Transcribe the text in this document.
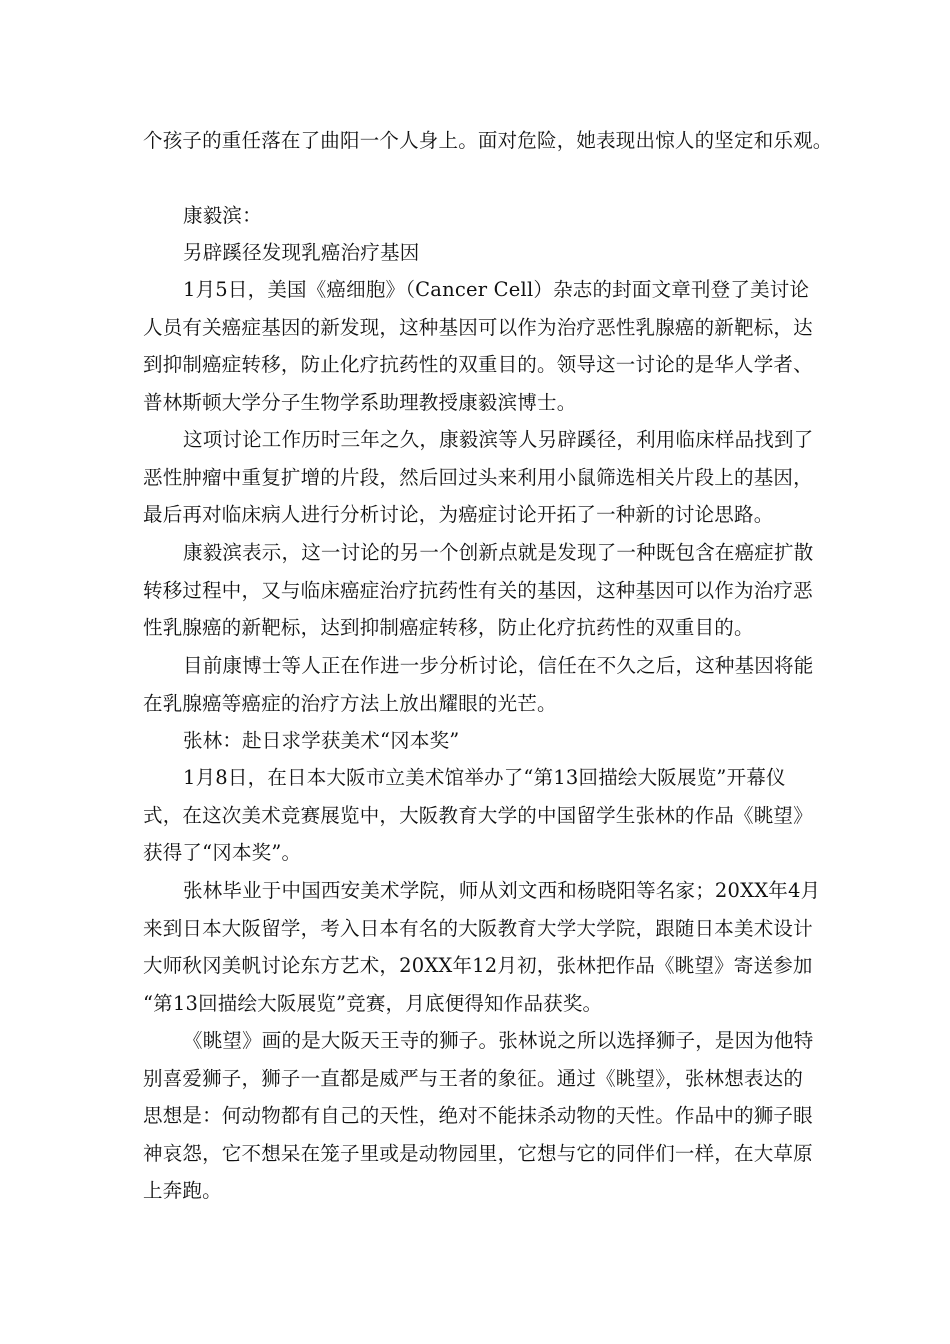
个孩子的重任落在了曲阳一个人身上。面对危险，她表现出惊人的坚定和乐观。

康毅滨：

另辟蹊径发现乳癌治疗基因

1月5日，美国《癌细胞》（Cancer Cell）杂志的封面文章刊登了美讨论
人员有关癌症基因的新发现，这种基因可以作为治疗恶性乳腺癌的新靶标，达
到抑制癌症转移，防止化疗抗药性的双重目的。领导这一讨论的是华人学者、
普林斯顿大学分子生物学系助理教授康毅滨博士。

这项讨论工作历时三年之久，康毅滨等人另辟蹊径，利用临床样品找到了
恶性肿瘤中重复扩增的片段，然后回过头来利用小鼠筛选相关片段上的基因，
最后再对临床病人进行分析讨论，为癌症讨论开拓了一种新的讨论思路。

康毅滨表示，这一讨论的另一个创新点就是发现了一种既包含在癌症扩散
转移过程中，又与临床癌症治疗抗药性有关的基因，这种基因可以作为治疗恶
性乳腺癌的新靶标，达到抑制癌症转移，防止化疗抗药性的双重目的。

目前康博士等人正在作进一步分析讨论，信任在不久之后，这种基因将能
在乳腺癌等癌症的治疗方法上放出耀眼的光芒。

张林：赴日求学获美术“冈本奖”

1月8日，在日本大阪市立美术馆举办了“第13回描绘大阪展览”开幕仪
式，在这次美术竞赛展览中，大阪教育大学的中国留学生张林的作品《眺望》
获得了“冈本奖”。

张林毕业于中国西安美术学院，师从刘文西和杨晓阳等名家；20XX年4月
来到日本大阪留学，考入日本有名的大阪教育大学大学院，跟随日本美术设计
大师秋冈美帆讨论东方艺术，20XX年12月初，张林把作品《眺望》寄送参加
“第13回描绘大阪展览”竞赛，月底便得知作品获奖。

《眺望》画的是大阪天王寺的狮子。张林说之所以选择狮子，是因为他特
别喜爱狮子，狮子一直都是威严与王者的象征。通过《眺望》，张林想表达的
思想是：何动物都有自己的天性，绝对不能抹杀动物的天性。作品中的狮子眼
神哀怨，它不想呆在笼子里或是动物园里，它想与它的同伴们一样，在大草原
上奔跑。
